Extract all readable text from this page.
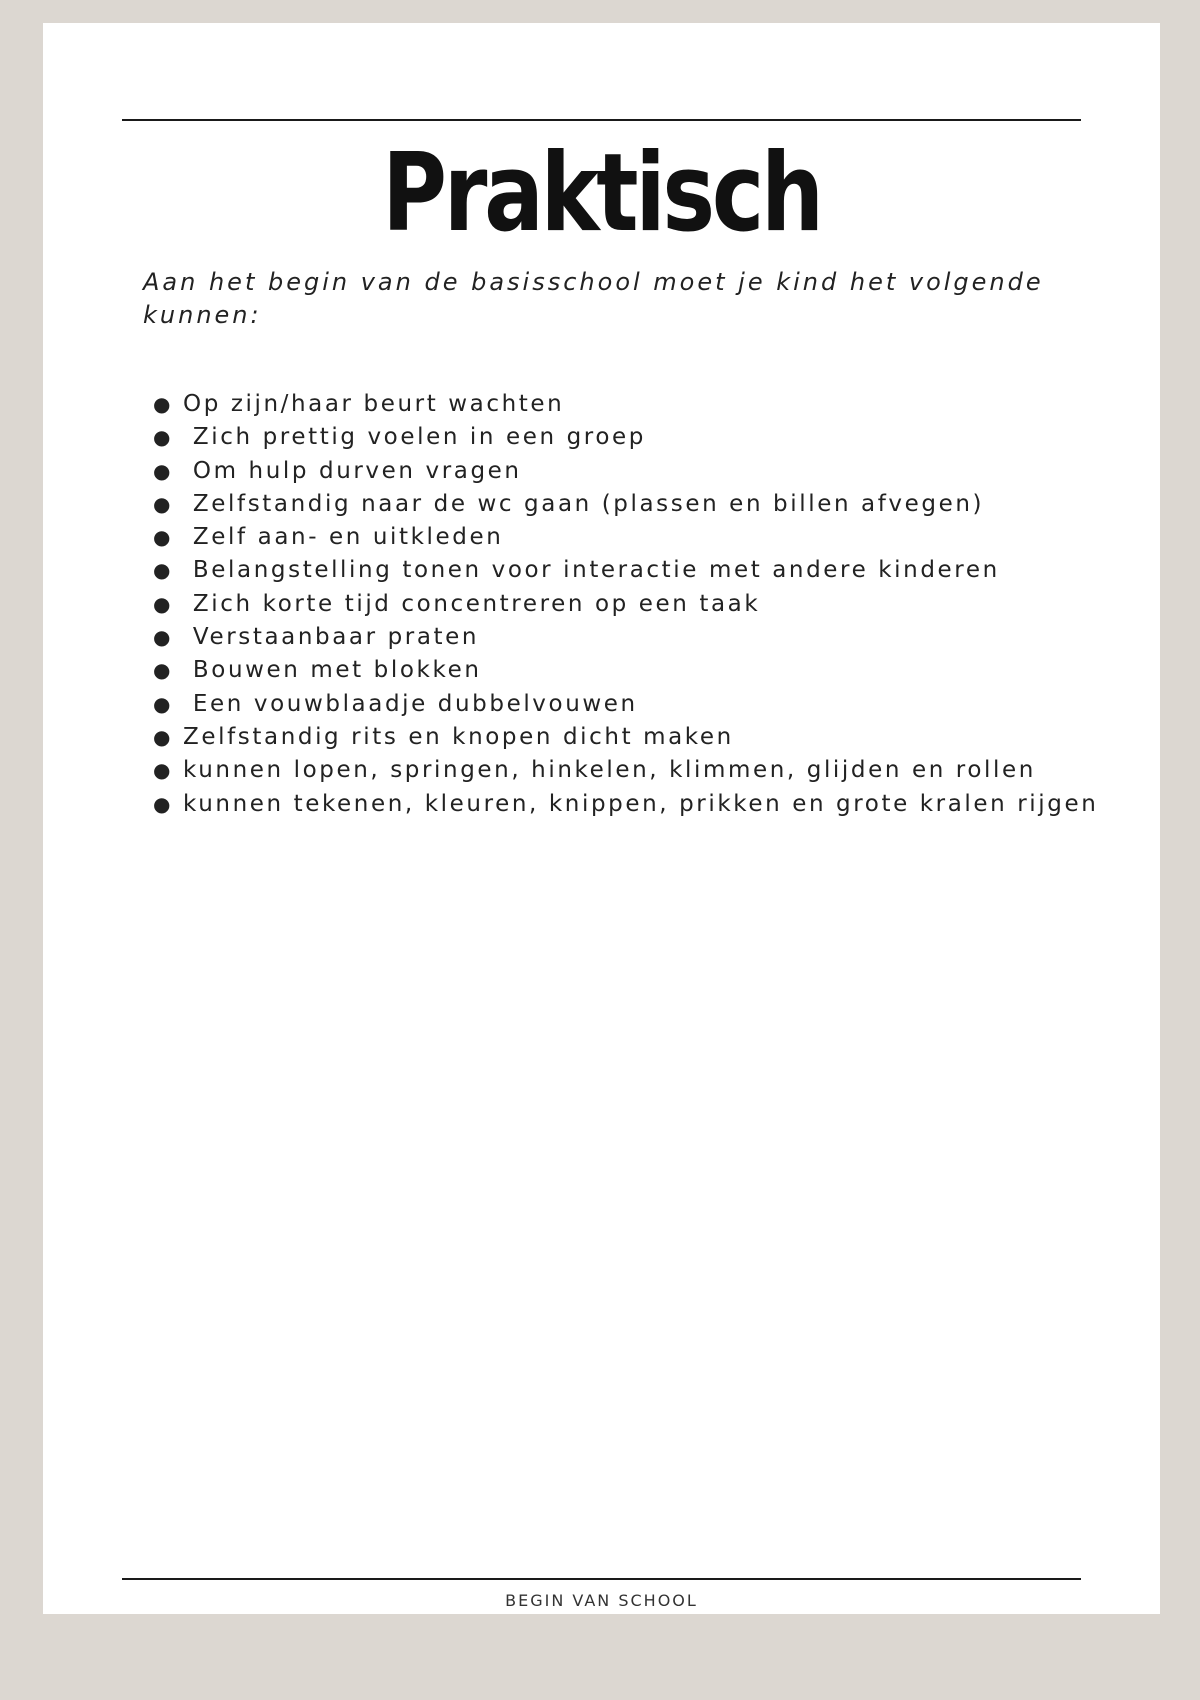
Praktisch
Aan het begin van de basisschool moet je kind het volgende kunnen:
● Op zijn/haar beurt wachten
● Zich prettig voelen in een groep
● Om hulp durven vragen
● Zelfstandig naar de wc gaan (plassen en billen afvegen)
● Zelf aan- en uitkleden
● Belangstelling tonen voor interactie met andere kinderen
● Zich korte tijd concentreren op een taak
● Verstaanbaar praten
● Bouwen met blokken
● Een vouwblaadje dubbelvouwen
● Zelfstandig rits en knopen dicht maken
● kunnen lopen, springen, hinkelen, klimmen, glijden en rollen
● kunnen tekenen, kleuren, knippen, prikken en grote kralen rijgen
BEGIN VAN SCHOOL
